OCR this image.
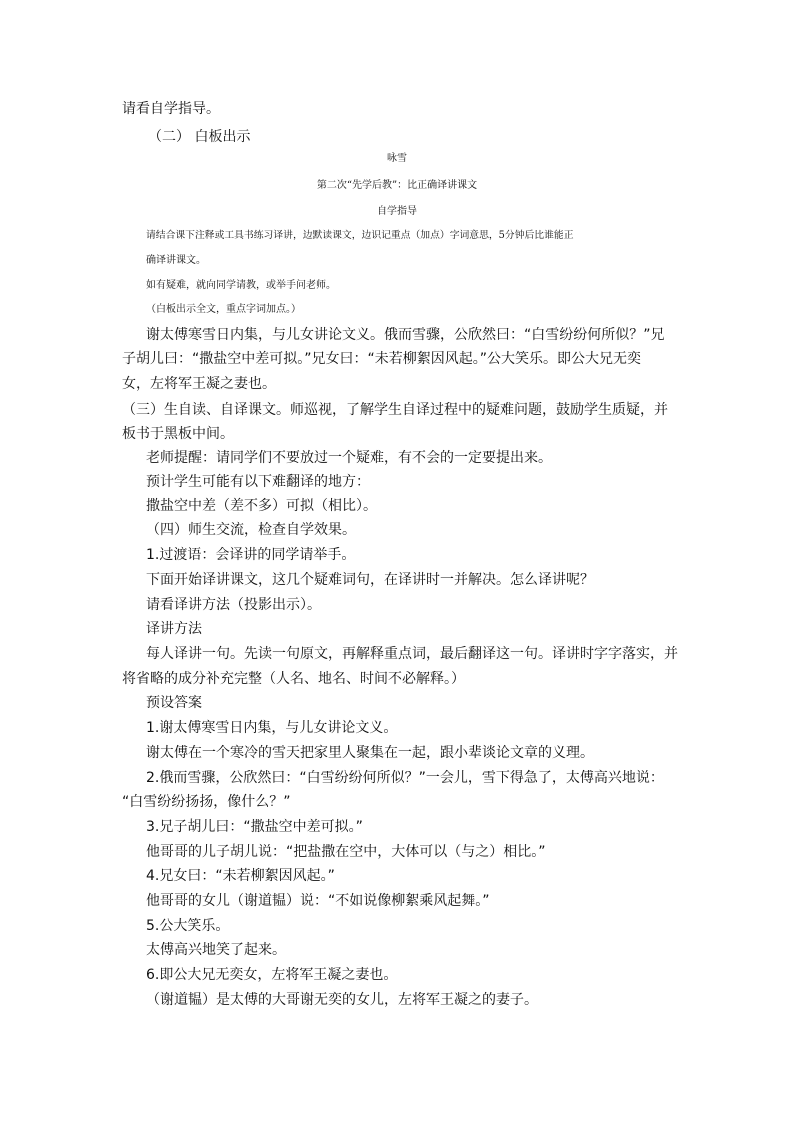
请看自学指导。
（二） 白板出示
咏雪
第二次“先学后教”：比正确译讲课文
自学指导
请结合课下注释或工具书练习译讲，边默读课文，边识记重点（加点）字词意思，5分钟后比谁能正
确译讲课文。
如有疑难，就向同学请教，或举手问老师。
（白板出示全文，重点字词加点。）
谢太傅寒雪日内集，与儿女讲论文义。俄而雪骤，公欣然曰：“白雪纷纷何所似？”兄
子胡儿曰：“撒盐空中差可拟。”兄女曰：“未若柳絮因风起。”公大笑乐。即公大兄无奕
女，左将军王凝之妻也。
（三）生自读、自译课文。师巡视，了解学生自译过程中的疑难问题，鼓励学生质疑，并
板书于黑板中间。
老师提醒：请同学们不要放过一个疑难，有不会的一定要提出来。
预计学生可能有以下难翻译的地方：
撒盐空中差（差不多）可拟（相比）。
（四）师生交流，检查自学效果。
1.过渡语：会译讲的同学请举手。
下面开始译讲课文，这几个疑难词句，在译讲时一并解决。怎么译讲呢？
请看译讲方法（投影出示）。
译讲方法
每人译讲一句。先读一句原文，再解释重点词，最后翻译这一句。译讲时字字落实，并
将省略的成分补充完整（人名、地名、时间不必解释。）
预设答案
1.谢太傅寒雪日内集，与儿女讲论文义。
谢太傅在一个寒冷的雪天把家里人聚集在一起，跟小辈谈论文章的义理。
2.俄而雪骤，公欣然曰：“白雪纷纷何所似？”一会儿，雪下得急了，太傅高兴地说：
“白雪纷纷扬扬，像什么？”
3.兄子胡儿曰：“撒盐空中差可拟。”
他哥哥的儿子胡儿说：“把盐撒在空中，大体可以（与之）相比。”
4.兄女曰：“未若柳絮因风起。”
他哥哥的女儿（谢道韫）说：“不如说像柳絮乘风起舞。”
5.公大笑乐。
太傅高兴地笑了起来。
6.即公大兄无奕女，左将军王凝之妻也。
（谢道韫）是太傅的大哥谢无奕的女儿，左将军王凝之的妻子。
